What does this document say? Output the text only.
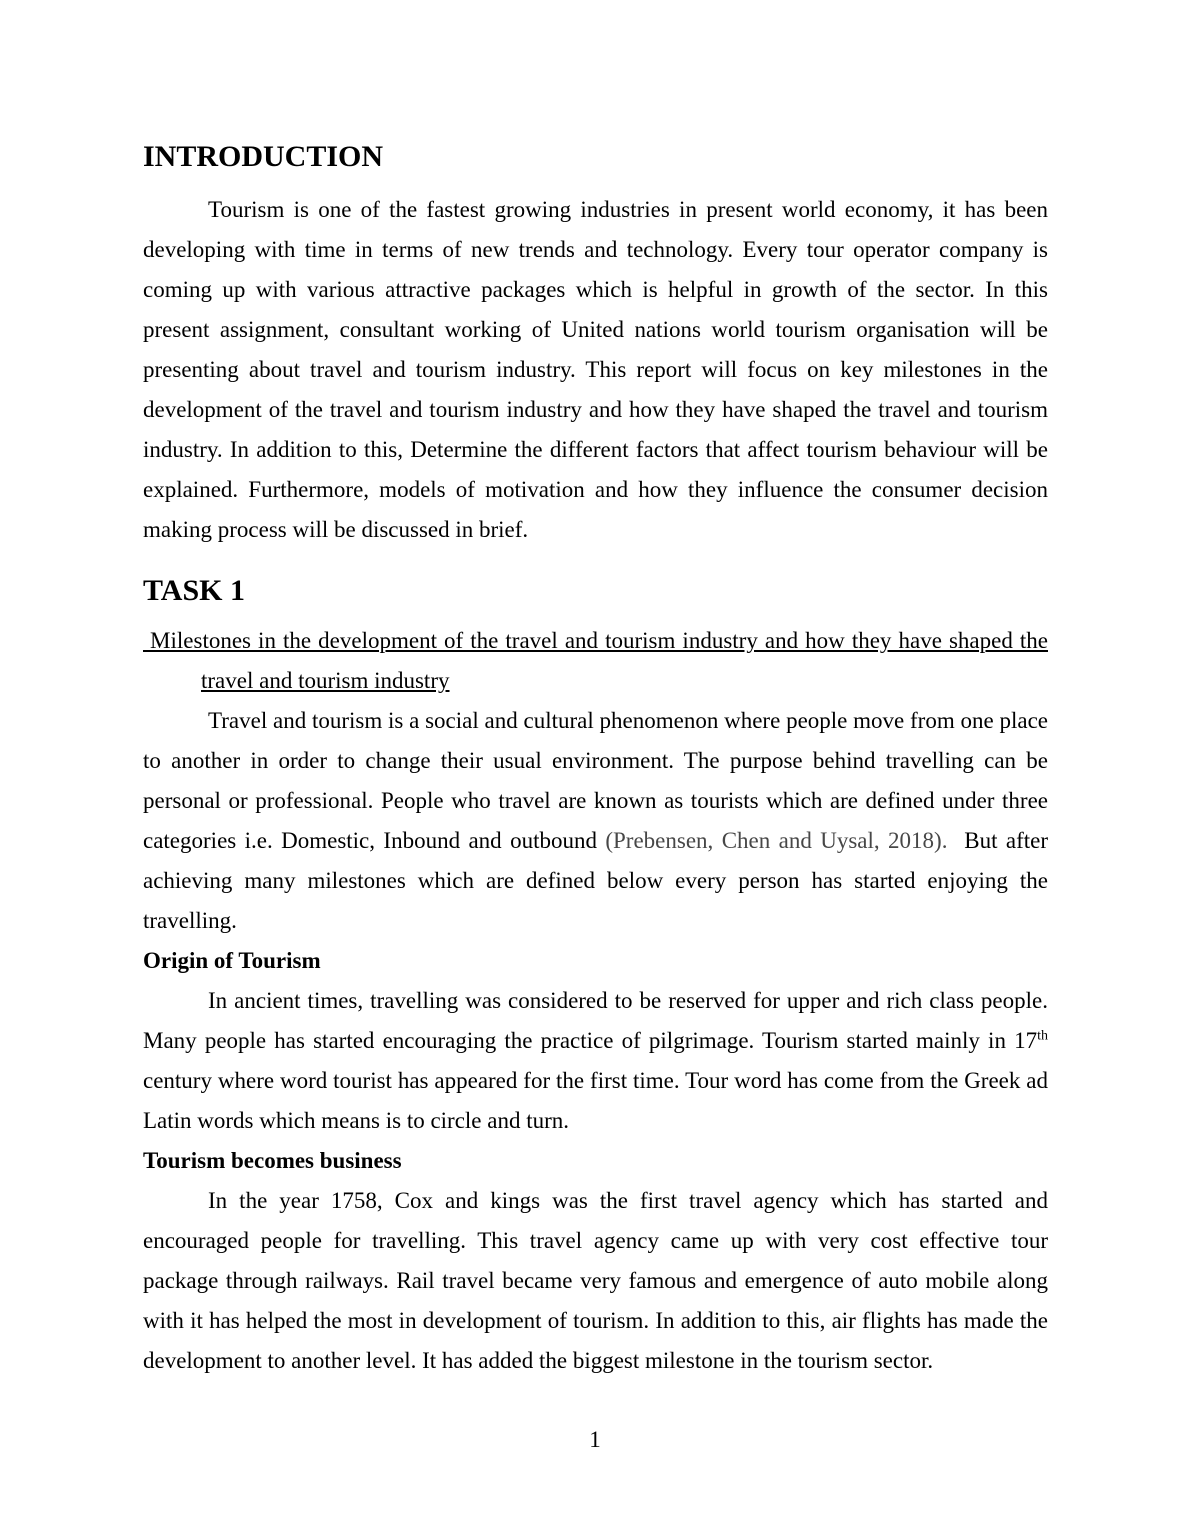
INTRODUCTION

Tourism is one of the fastest growing industries in present world economy, it has been developing with time in terms of new trends and technology. Every tour operator company is coming up with various attractive packages which is helpful in growth of the sector. In this present assignment, consultant working of United nations world tourism organisation will be presenting about travel and tourism industry. This report will focus on key milestones in the development of the travel and tourism industry and how they have shaped the travel and tourism industry. In addition to this, Determine the different factors that affect tourism behaviour will be explained. Furthermore, models of motivation and how they influence the consumer decision making process will be discussed in brief.

TASK 1

Milestones in the development of the travel and tourism industry and how they have shaped the travel and tourism industry

Travel and tourism is a social and cultural phenomenon where people move from one place to another in order to change their usual environment. The purpose behind travelling can be personal or professional. People who travel are known as tourists which are defined under three categories i.e. Domestic, Inbound and outbound (Prebensen, Chen and Uysal, 2018).  But after achieving many milestones which are defined below every person has started enjoying the travelling.

Origin of Tourism

In ancient times, travelling was considered to be reserved for upper and rich class people. Many people has started encouraging the practice of pilgrimage. Tourism started mainly in 17th century where word tourist has appeared for the first time. Tour word has come from the Greek ad Latin words which means is to circle and turn.

Tourism becomes business

In the year 1758, Cox and kings was the first travel agency which has started and encouraged people for travelling. This travel agency came up with very cost effective tour package through railways. Rail travel became very famous and emergence of auto mobile along with it has helped the most in development of tourism. In addition to this, air flights has made the development to another level. It has added the biggest milestone in the tourism sector.

1
